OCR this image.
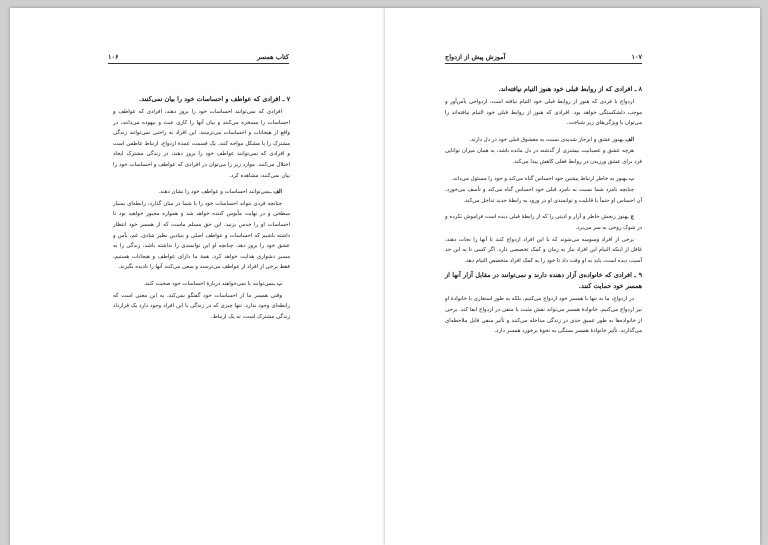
کتاب همسر
۱۰۶
۷ ـ افرادی که عواطف و احساسات خود را بیان نمی‌کنند.

افرادی که نمی‌توانند احساسات خود را بروز دهند، افرادی که عواطف و احساسات را مسخره می‌کنند و بیان آنها را کاری عبث و بیهوده می‌دانند، در واقع از هیجانات و احساسات می‌ترسند. این افراد به راحتی نمی‌توانند زندگی مشترک را با مشکل مواجه کنند. یک قسمت عمدهٔ ازدواج، ارتباط عاطفی است و افرادی که نمی‌توانند عواطف خود را بروز دهند، در زندگی مشترک ایجاد اختلال می‌کنند. موارد زیر را می‌توان در افرادی که عواطف و احساسات خود را بیان نمی‌کنند، مشاهده کرد.

الف ـنمی‌توانند احساسات و عواطف خود را نشان دهند.

چنانچه فردی نتواند احساسات خود را با شما در میان گذارد، رابطه‌ای بسیار سطحی و در نهایت مأیوس کننده خواهد شد و همواره مجبور خواهید بود تا احساسات او را حدس بزنید. این حق مسلم ماست که از همسر خود انتظار داشته باشیم که احساسات و عواطف اصلی و بنیادین نظیر شادی، غم، یأس و عشق خود را بروز دهد. چنانچه او این توانمندی را نداشته باشد، زندگی را به مسیر دشواری هدایت خواهد کرد. همهٔ ما دارای عواطف و هیجانات هستیم، فقط برخی از افراد از عواطف می‌ترسند و سعی می‌کنند آنها را نادیده بگیرند.

ب ـنمی‌توانند یا نمی‌خواهند دربارهٔ احساسات خود صحبت کنند.

وقتی همسر ما از احساسات خود گفتگو نمی‌کند، به این معنی است که رابطه‌ای وجود ندارد. تنها چیزی که در زندگی با این افراد وجود دارد یک قرارداد زندگی مشترک است، نه یک ارتباط.

۱۰۷
آموزش پیش از ازدواج
۸ ـ افرادی که از روابط قبلی خود هنوز التیام نیافته‌اند.

ازدواج با فردی که هنوز از روابط قبلی خود التیام نیافته است، ازدواجی یأس‌آور و موجب دلشکستگی خواهد بود. افرادی که هنوز از روابط قبلی خود التیام نیافته‌اند را می‌توان با ویژگی‌های زیر شناخت.

الف ـهنوز عشق و انزجار شدیدی نسبت به معشوق قبلی خود در دل دارند.

هرچه عشق و عصبانیت بیشتری از گذشته در دل مانده باشد، به همان میزان توانایی فرد برای عشق ورزیدن در روابط فعلی کاهش پیدا می‌کند.

ب ـهنوز به خاطر ارتباط پیشین خود احساس گناه می‌کند و خود را مسئول می‌داند.

چنانچه نامزد شما نسبت به نامزد قبلی خود احساس گناه می‌کند و تأسف می‌خورد، آن احساس او حتماً با قابلیت و توانمندی او در ورود به رابطهٔ جدید تداخل می‌کند.

ج ـهنوز رنجش خاطر و آزار و اذیتی را که از رابطهٔ قبلی دیده است فراموش نکرده و در شوک روحی به سر می‌برد.

برخی از افراد وسوسه می‌شوند که با این افراد ازدواج کنند تا آنها را نجات دهند، غافل از اینکه التیام این افراد نیاز به زمان و کمک تخصصی دارد. اگر کسی تا به این حد آسیب دیده است، باید به او وقت داد تا خود را به کمک افراد متخصص التیام دهد.

۹ ـ افرادی که خانواده‌ی آزار دهنده دارند و نمی‌توانند در مقابل آزار آنها از همسر خود حمایت کنند.

در ازدواج، ما نه تنها با همسر خود ازدواج می‌کنیم، بلکه به طور استعاری با خانوادهٔ او نیز ازدواج می‌کنیم. خانوادهٔ همسر می‌تواند نقش مثبت یا منفی در ازدواج ایفا کند. برخی از خانواده‌ها به طور عمیق جدی در زندگی مداخله می‌کنند و تأثیر منفی قابل ملاحظه‌ای می‌گذارند. تأثیر خانوادهٔ همسر بستگی به نحوهٔ برخورد همسر دارد.
